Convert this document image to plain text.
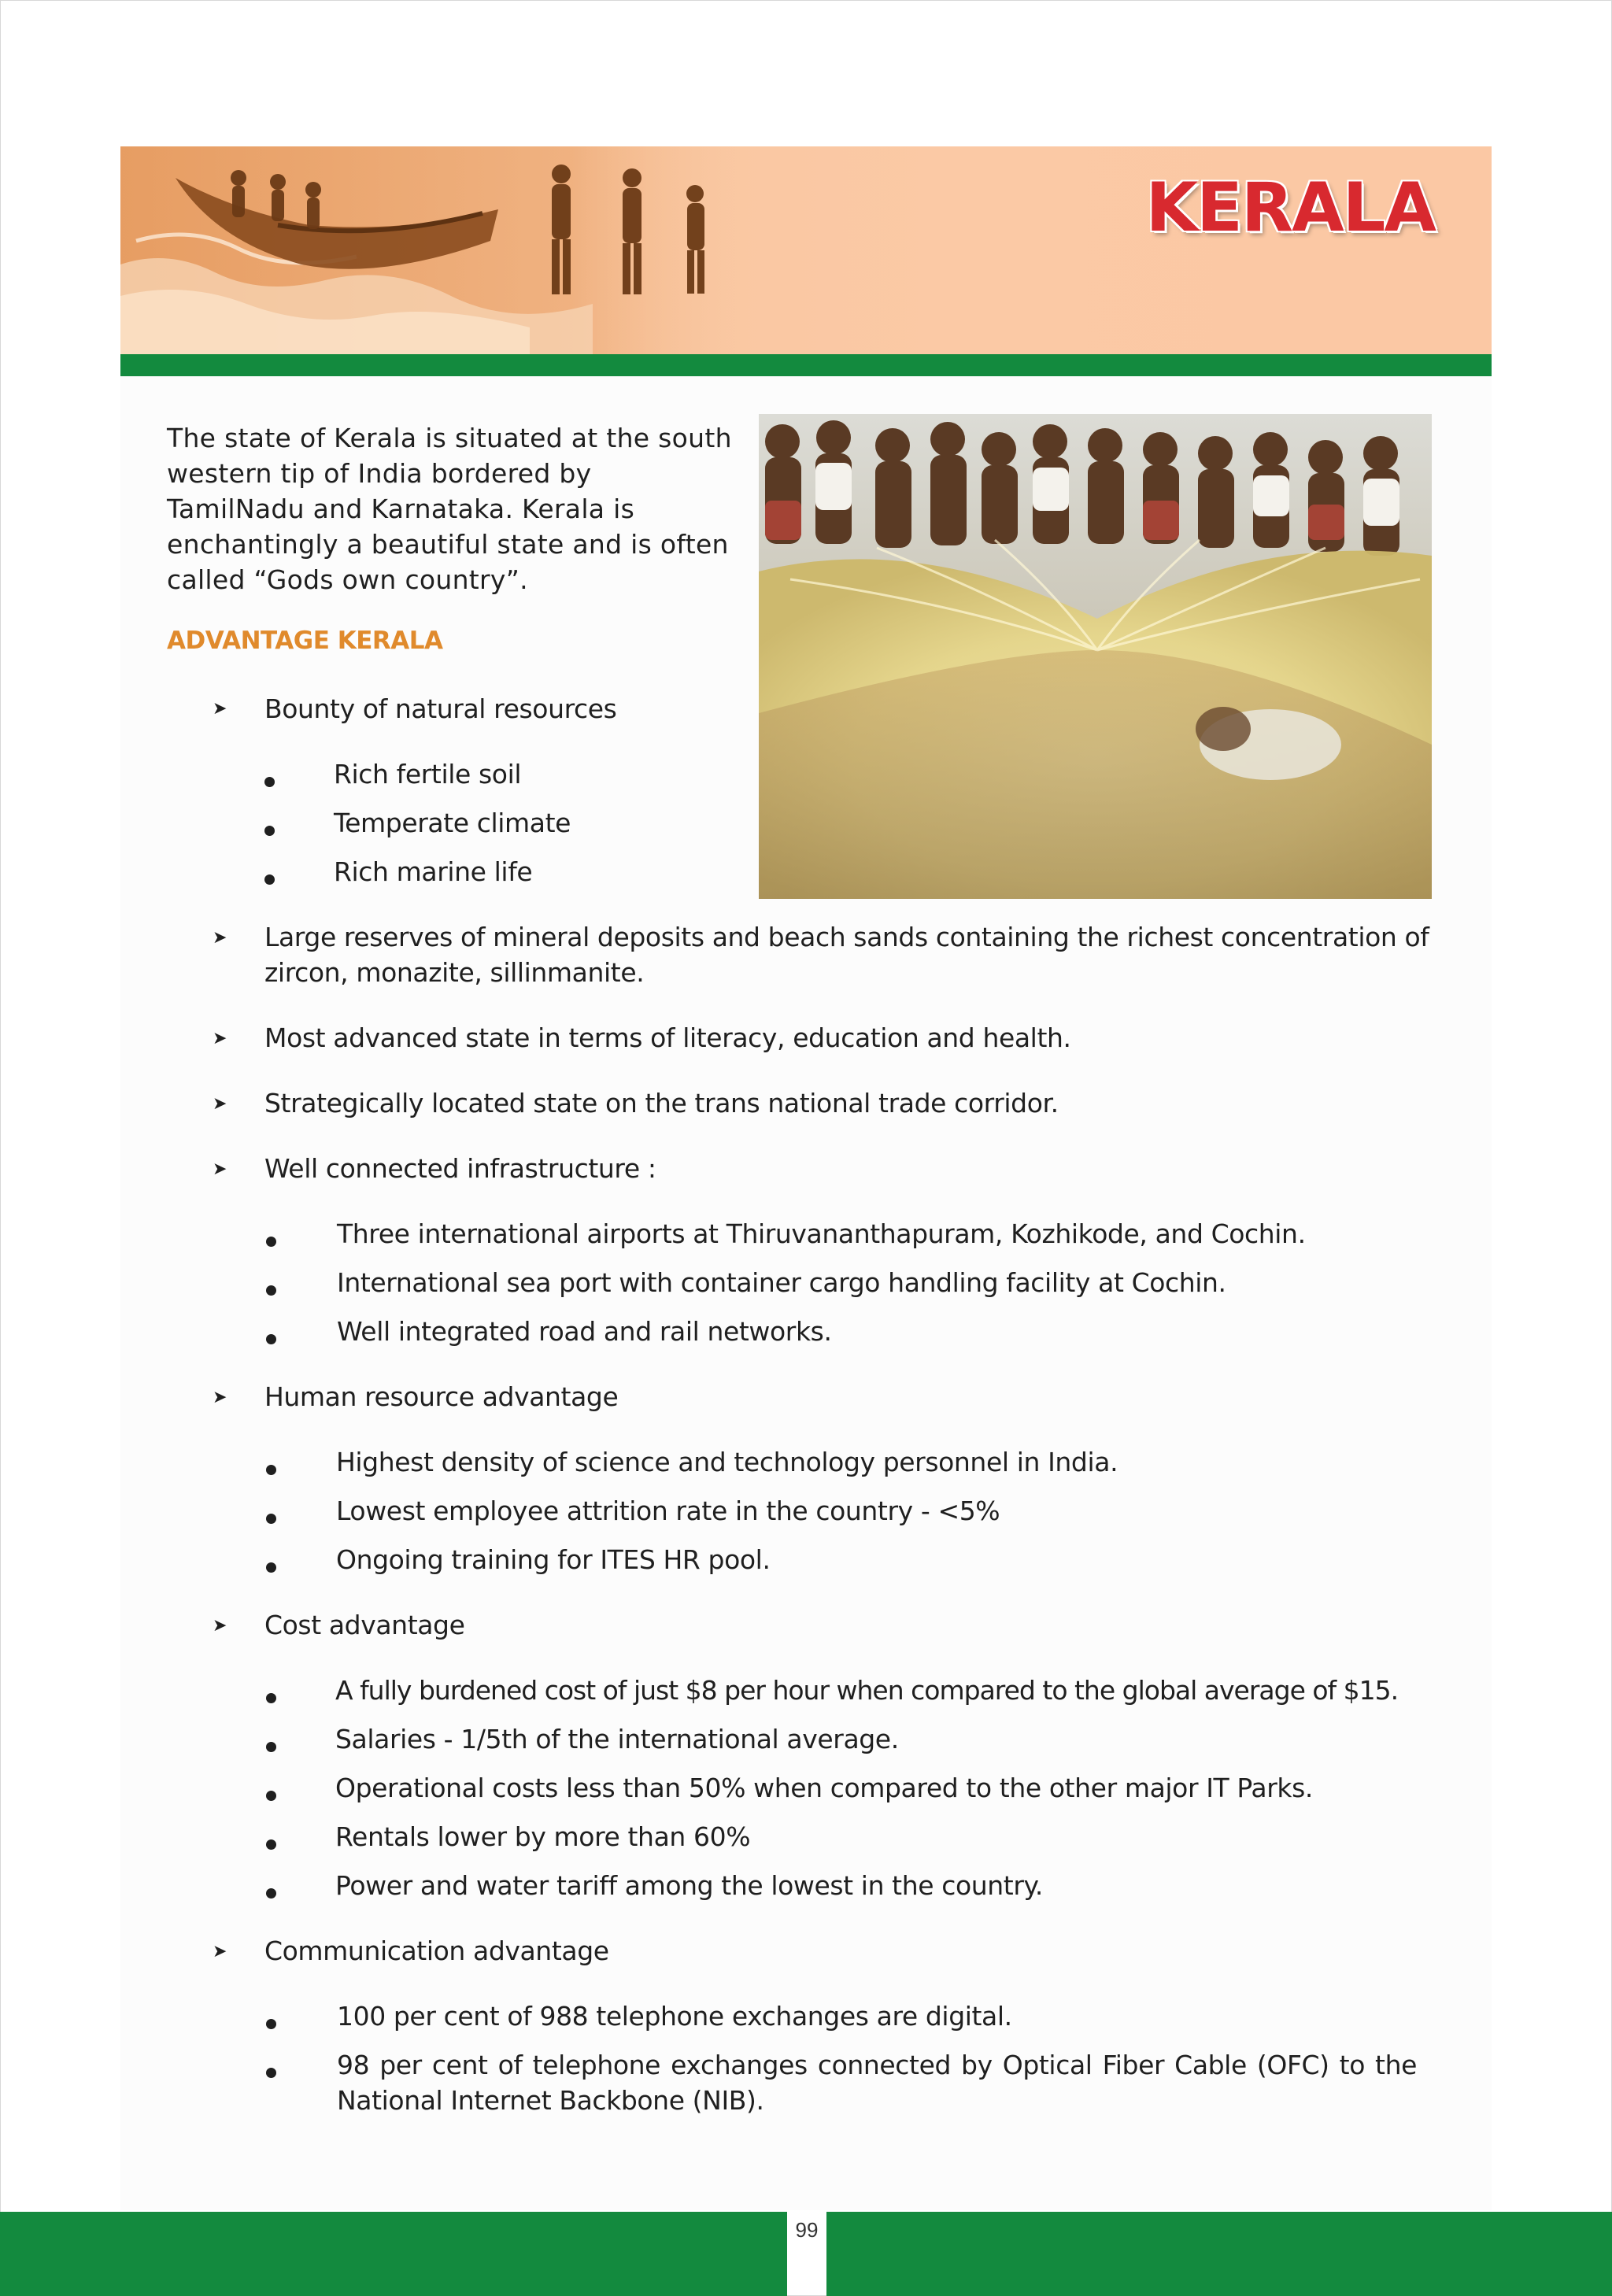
KERALA
The state of Kerala is situated at the south western tip of India bordered by TamilNadu and Karnataka. Kerala is enchantingly a beautiful state and is often called “Gods own country”.
ADVANTAGE KERALA
➤ Bounty of natural resources
Rich fertile soil
Temperate climate
Rich marine life
➤ Large reserves of mineral deposits and beach sands containing the richest concentration of zircon, monazite, sillinmanite.
➤ Most advanced state in terms of literacy, education and health.
➤ Strategically located state on the trans national trade corridor.
➤ Well connected infrastructure :
Three international airports at Thiruvananthapuram, Kozhikode, and Cochin.
International sea port with container cargo handling facility at Cochin.
Well integrated road and rail networks.
➤ Human resource advantage
Highest density of science and technology personnel in India.
Lowest employee attrition rate in the country - <5%
Ongoing training for ITES HR pool.
➤ Cost advantage
A fully burdened cost of just $8 per hour when compared to the global average of $15.
Salaries - 1/5th of the international average.
Operational costs less than 50% when compared to the other major IT Parks.
Rentals lower by more than 60%
Power and water tariff among the lowest in the country.
➤ Communication advantage
100 per cent of 988 telephone exchanges are digital.
98 per cent of telephone exchanges connected by Optical Fiber Cable (OFC) to the National Internet Backbone (NIB).
99
